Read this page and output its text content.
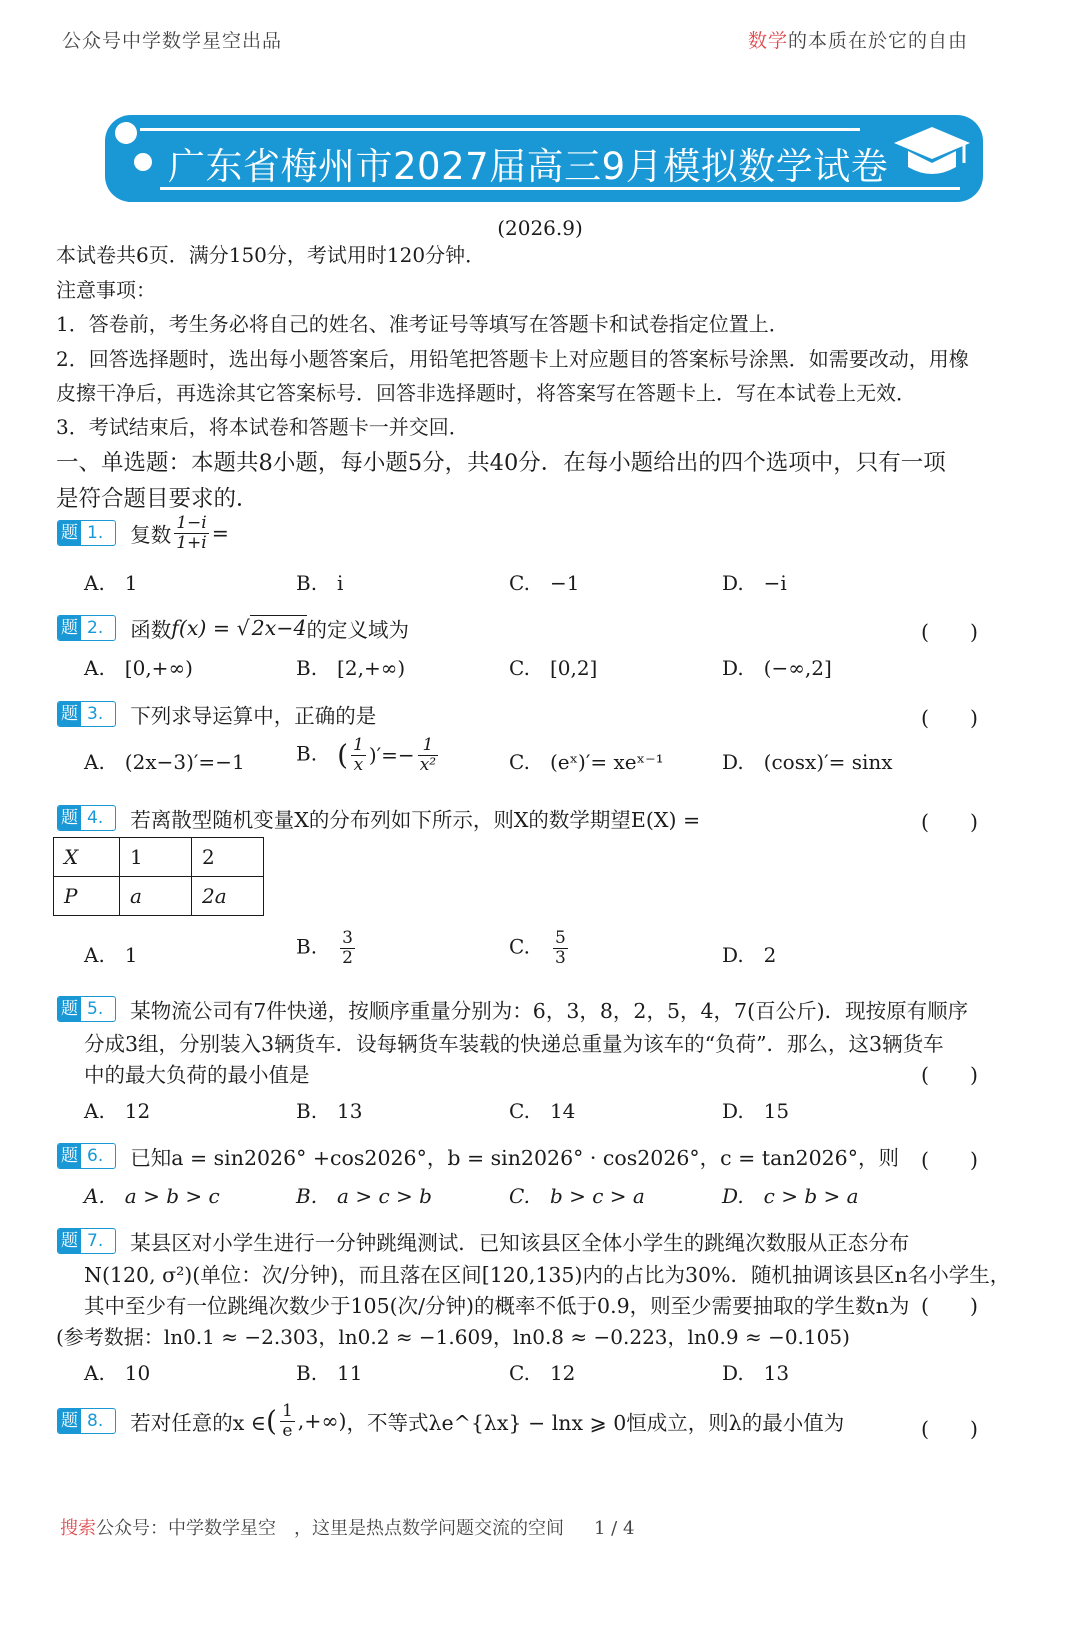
公众号中学数学星空出品	数学的本质在於它的自由
广东省梅州市2027届高三9月模拟数学试卷
(2026.9)
本试卷共6页．满分150分，考试用时120分钟．
注意事项：
1．答卷前，考生务必将自己的姓名、准考证号等填写在答题卡和试卷指定位置上．
2．回答选择题时，选出每小题答案后，用铅笔把答题卡上对应题目的答案标号涂黑．如需要改动，用橡
皮擦干净后，再选涂其它答案标号．回答非选择题时，将答案写在答题卡上．写在本试卷上无效．
3．考试结束后，将本试卷和答题卡一并交回．
一、单选题：本题共8小题，每小题5分，共40分．在每小题给出的四个选项中，只有一项
是符合题目要求的．
题 1. 复数 $\frac{1-i}{1+i}$ =
A.　1	B.　i	C.　−1	D.　−i
题 2. 函数f(x) = √2x−4的定义域为	(　　)
A.　[0,+∞)	B.　[2,+∞)	C.　[0,2]	D.　(−∞,2]
题 3. 下列求导运算中，正确的是	(　　)
A.　(2x−3)′=−1	B.　( $\frac{1}{x}$ )′=− $\frac{1}{\text{x²}}$	C.　(eˣ)′= xeˣ⁻¹	D.　(cosx)′= sinx
题 4. 若离散型随机变量X的分布列如下所示，则X的数学期望E(X) =	(　　)
X	1	2
P	a	2a
A.　1	B.　 $\frac{3}{2}$	C.　 $\frac{5}{3}$	D.　2
题 5. 某物流公司有7件快递，按顺序重量分别为：6，3，8，2，5，4，7(百公斤)．现按原有顺序
分成3组，分别装入3辆货车．设每辆货车装载的快递总重量为该车的“负荷”．那么，这3辆货车
中的最大负荷的最小值是	(　　)
A.　12	B.　13	C.　14	D.　15
题 6. 已知a = sin2026° +cos2026°，b = sin2026° · cos2026°，c = tan2026°，则 (　　)
A.　a > b > c	B.　a > c > b	C.　b > c > a	D.　c > b > a
题 7. 某县区对小学生进行一分钟跳绳测试．已知该县区全体小学生的跳绳次数服从正态分布
N(120, σ²)(单位：次/分钟)，而且落在区间[120,135)内的占比为30%．随机抽调该县区n名小学生，
其中至少有一位跳绳次数少于105(次/分钟)的概率不低于0.9，则至少需要抽取的学生数n为 (　　)
(参考数据：ln0.1 ≈ −2.303，ln0.2 ≈ −1.609，ln0.8 ≈ −0.223，ln0.9 ≈ −0.105)
A.　10	B.　11	C.　12	D.　13
题 8. 若对任意的x ∈( $\frac{1}{e}$ ,+∞)，不等式λe^{λx} − lnx ⩾ 0恒成立，则λ的最小值为	(　　)
搜索公众号：中学数学星空　，这里是热点数学问题交流的空间 1 / 4
